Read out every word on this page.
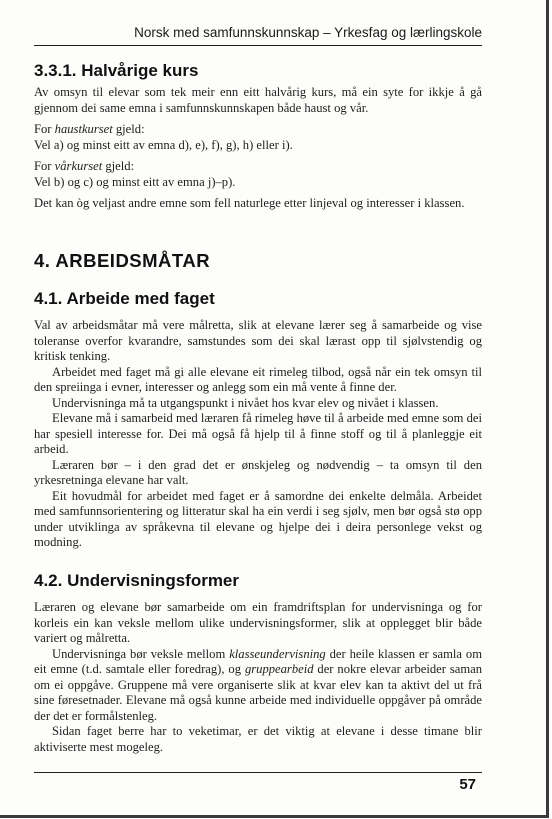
Norsk med samfunnskunnskap – Yrkesfag og lærlingskole
3.3.1. Halvårige kurs

Av omsyn til elevar som tek meir enn eitt halvårig kurs, må ein syte for ikkje å gå gjennom dei same emna i samfunnskunnskapen både haust og vår.

For haustkurset gjeld:

Vel a) og minst eitt av emna d), e), f), g), h) eller i).

For vårkurset gjeld:

Vel b) og c) og minst eitt av emna j)–p).

Det kan òg veljast andre emne som fell naturlege etter linjeval og interesser i klassen.

4. ARBEIDSMÅTAR
4.1. Arbeide med faget

Val av arbeidsmåtar må vere målretta, slik at elevane lærer seg å samarbeide og vise toleranse overfor kvarandre, samstundes som dei skal lærast opp til sjølvstendig og kritisk tenking.

Arbeidet med faget må gi alle elevane eit rimeleg tilbod, også når ein tek omsyn til den spreiinga i evner, interesser og anlegg som ein må vente å finne der.

Undervisninga må ta utgangspunkt i nivået hos kvar elev og nivået i klassen.

Elevane må i samarbeid med læraren få rimeleg høve til å arbeide med emne som dei har spesiell interesse for. Dei må også få hjelp til å finne stoff og til å planleggje eit arbeid.

Læraren bør – i den grad det er ønskjeleg og nødvendig – ta omsyn til den yrkesretninga elevane har valt.

Eit hovudmål for arbeidet med faget er å samordne dei enkelte delmåla. Arbeidet med samfunnsorientering og litteratur skal ha ein verdi i seg sjølv, men bør også stø opp under utviklinga av språkevna til elevane og hjelpe dei i deira personlege vekst og modning.

4.2. Undervisningsformer

Læraren og elevane bør samarbeide om ein framdriftsplan for undervisninga og for korleis ein kan veksle mellom ulike undervisningsformer, slik at opplegget blir både variert og målretta.

Undervisninga bør veksle mellom klasseundervisning der heile klassen er samla om eit emne (t.d. samtale eller foredrag), og gruppearbeid der nokre elevar arbeider saman om ei oppgåve. Gruppene må vere organiserte slik at kvar elev kan ta aktivt del ut frå sine føresetnader. Elevane må også kunne arbeide med individuelle oppgåver på område der det er formålstenleg.

Sidan faget berre har to veketimar, er det viktig at elevane i desse timane blir aktiviserte mest mogeleg.

57
